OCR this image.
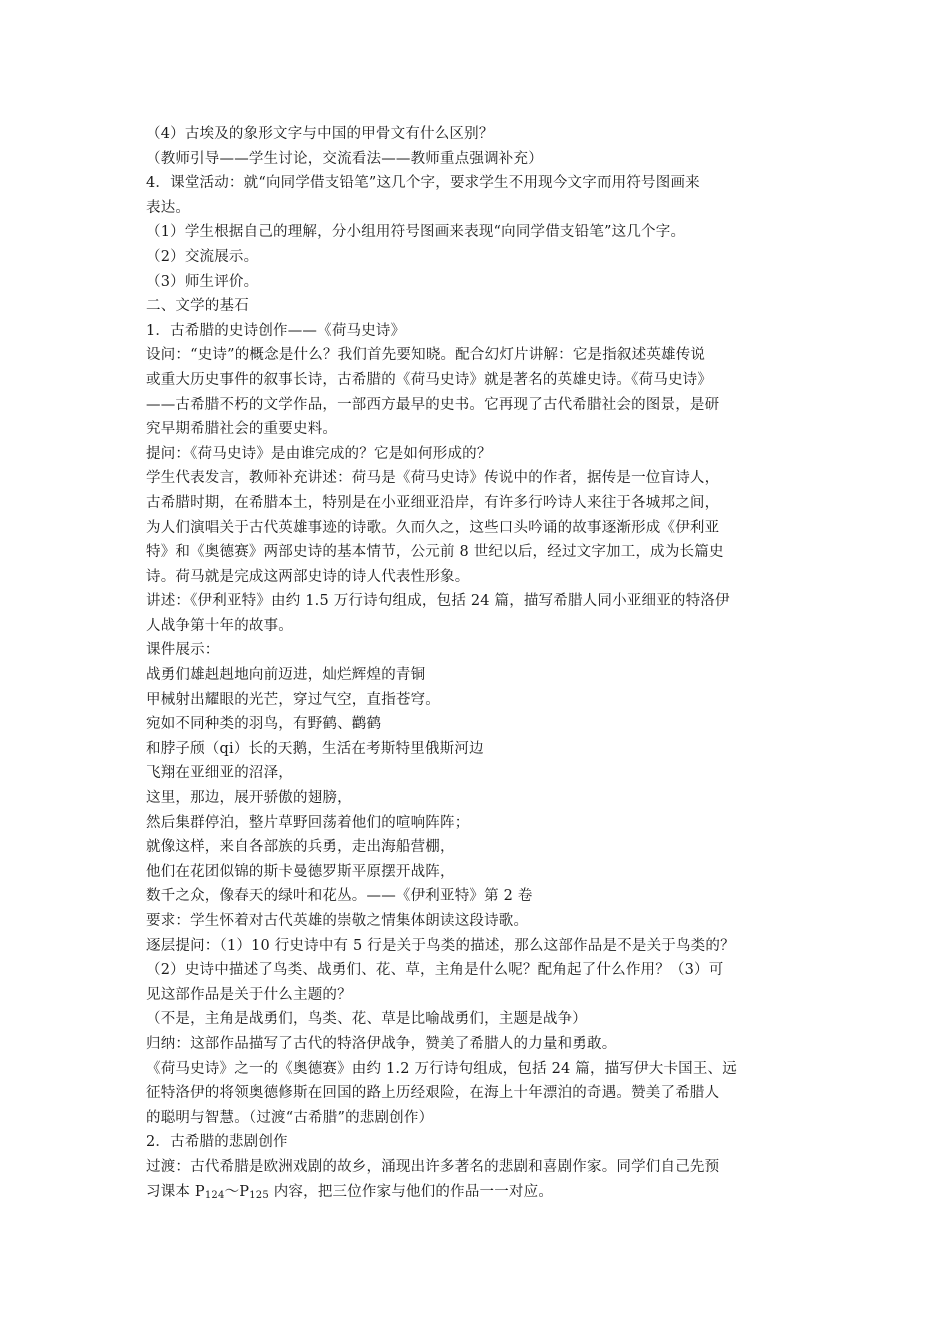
（4）古埃及的象形文字与中国的甲骨文有什么区别？
（教师引导——学生讨论，交流看法——教师重点强调补充）
4．课堂活动：就“向同学借支铅笔”这几个字，要求学生不用现今文字而用符号图画来
表达。
（1）学生根据自己的理解，分小组用符号图画来表现“向同学借支铅笔”这几个字。
（2）交流展示。
（3）师生评价。
二、文学的基石
1．古希腊的史诗创作——《荷马史诗》
设问：“史诗”的概念是什么？我们首先要知晓。配合幻灯片讲解：它是指叙述英雄传说
或重大历史事件的叙事长诗，古希腊的《荷马史诗》就是著名的英雄史诗。《荷马史诗》
——古希腊不朽的文学作品，一部西方最早的史书。它再现了古代希腊社会的图景，是研
究早期希腊社会的重要史料。
提问：《荷马史诗》是由谁完成的？它是如何形成的？
学生代表发言，教师补充讲述：荷马是《荷马史诗》传说中的作者，据传是一位盲诗人，
古希腊时期，在希腊本土，特别是在小亚细亚沿岸，有许多行吟诗人来往于各城邦之间，
为人们演唱关于古代英雄事迹的诗歌。久而久之，这些口头吟诵的故事逐渐形成《伊利亚
特》和《奥德赛》两部史诗的基本情节，公元前 8 世纪以后，经过文字加工，成为长篇史
诗。荷马就是完成这两部史诗的诗人代表性形象。
讲述：《伊利亚特》由约 1.5 万行诗句组成，包括 24 篇，描写希腊人同小亚细亚的特洛伊
人战争第十年的故事。
课件展示：
战勇们雄赳赳地向前迈进，灿烂辉煌的青铜
甲械射出耀眼的光芒，穿过气空，直指苍穹。
宛如不同种类的羽鸟，有野鹤、鹳鹤
和脖子颀（qi）长的天鹅，生活在考斯特里俄斯河边
飞翔在亚细亚的沼泽，
这里，那边，展开骄傲的翅膀，
然后集群停泊，整片草野回荡着他们的喧响阵阵；
就像这样，来自各部族的兵勇，走出海船营棚，
他们在花团似锦的斯卡曼德罗斯平原摆开战阵，
数千之众，像春天的绿叶和花丛。——《伊利亚特》第 2 卷
要求：学生怀着对古代英雄的崇敬之情集体朗读这段诗歌。
逐层提问：（1）10 行史诗中有 5 行是关于鸟类的描述，那么这部作品是不是关于鸟类的？
（2）史诗中描述了鸟类、战勇们、花、草，主角是什么呢？配角起了什么作用？（3）可
见这部作品是关于什么主题的？
（不是，主角是战勇们，鸟类、花、草是比喻战勇们，主题是战争）
归纳：这部作品描写了古代的特洛伊战争，赞美了希腊人的力量和勇敢。
《荷马史诗》之一的《奥德赛》由约 1.2 万行诗句组成，包括 24 篇，描写伊大卡国王、远
征特洛伊的将领奥德修斯在回国的路上历经艰险，在海上十年漂泊的奇遇。赞美了希腊人
的聪明与智慧。（过渡“古希腊”的悲剧创作）
2．古希腊的悲剧创作
过渡：古代希腊是欧洲戏剧的故乡，涌现出许多著名的悲剧和喜剧作家。同学们自己先预
习课本 $P_{124}\sim P_{125}$ 内容，把三位作家与他们的作品一一对应。
